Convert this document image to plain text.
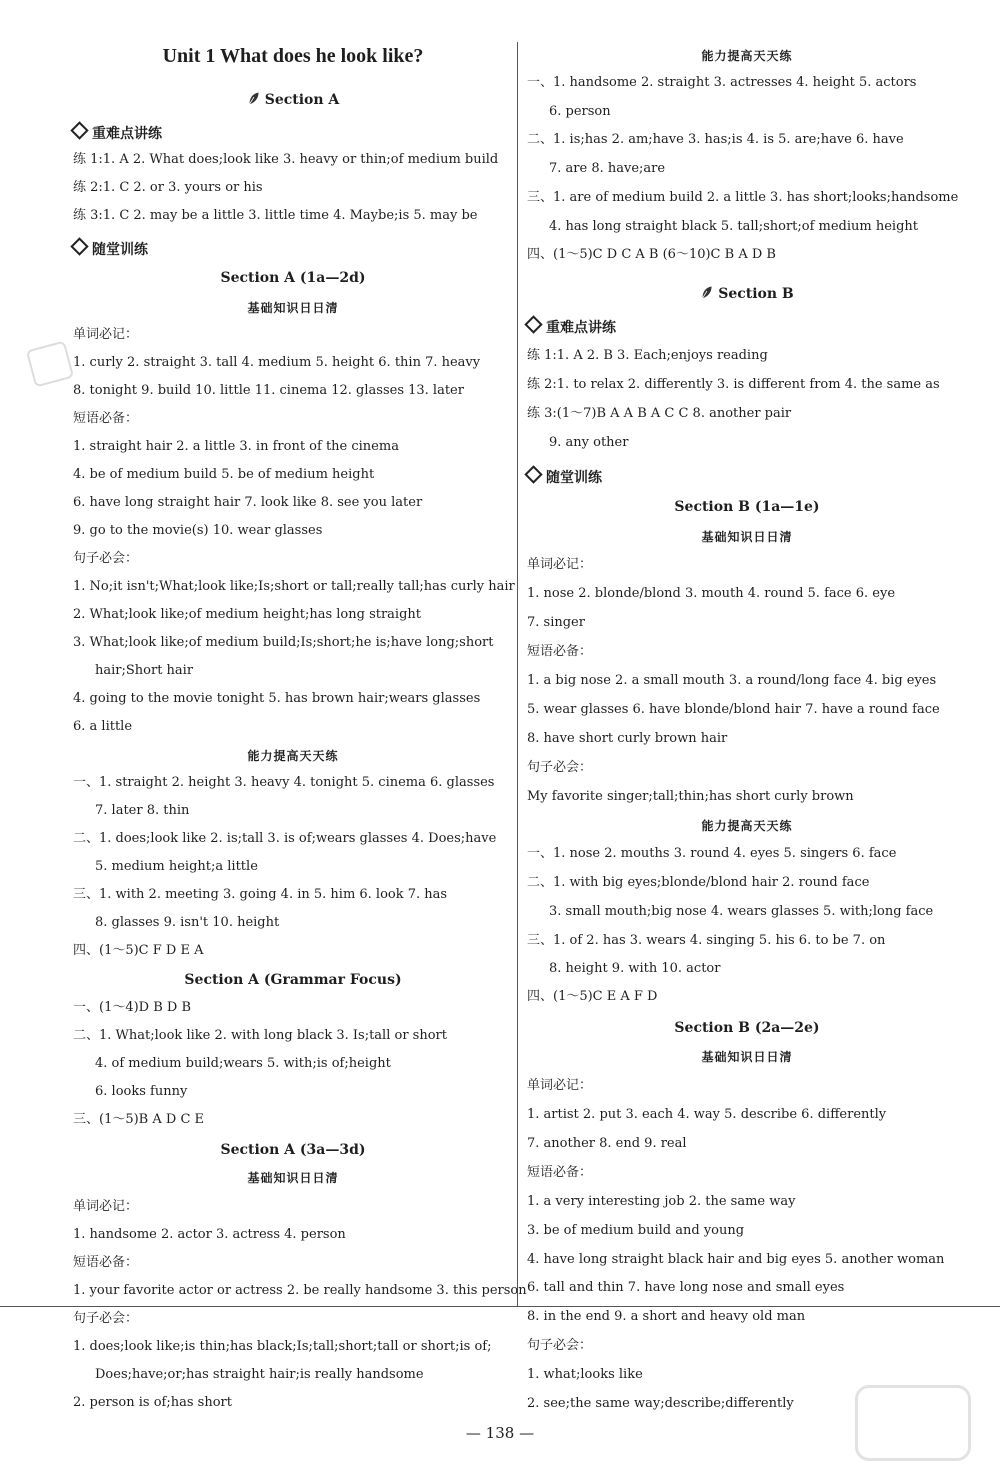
Unit 1 What does he look like?
Section A
重难点讲练
练 1:1. A 2. What does;look like 3. heavy or thin;of medium build
练 2:1. C 2. or 3. yours or his
练 3:1. C 2. may be a little 3. little time 4. Maybe;is 5. may be
随堂训练
Section A (1a—2d)
基础知识日日清
单词必记：
1. curly 2. straight 3. tall 4. medium 5. height 6. thin 7. heavy
8. tonight 9. build 10. little 11. cinema 12. glasses 13. later
短语必备：
1. straight hair 2. a little 3. in front of the cinema
4. be of medium build 5. be of medium height
6. have long straight hair 7. look like 8. see you later
9. go to the movie(s) 10. wear glasses
句子必会：
1. No;it isn't;What;look like;Is;short or tall;really tall;has curly hair
2. What;look like;of medium height;has long straight
3. What;look like;of medium build;Is;short;he is;have long;short
hair;Short hair
4. going to the movie tonight 5. has brown hair;wears glasses
6. a little
能力提高天天练
一、1. straight 2. height 3. heavy 4. tonight 5. cinema 6. glasses
7. later 8. thin
二、1. does;look like 2. is;tall 3. is of;wears glasses 4. Does;have
5. medium height;a little
三、1. with 2. meeting 3. going 4. in 5. him 6. look 7. has
8. glasses 9. isn't 10. height
四、(1～5)C F D E A
Section A (Grammar Focus)
一、(1～4)D B D B
二、1. What;look like 2. with long black 3. Is;tall or short
4. of medium build;wears 5. with;is of;height
6. looks funny
三、(1～5)B A D C E
Section A (3a—3d)
基础知识日日清
单词必记：
1. handsome 2. actor 3. actress 4. person
短语必备：
1. your favorite actor or actress 2. be really handsome 3. this person
句子必会：
1. does;look like;is thin;has black;Is;tall;short;tall or short;is of;
Does;have;or;has straight hair;is really handsome
2. person is of;has short
能力提高天天练
一、1. handsome 2. straight 3. actresses 4. height 5. actors
6. person
二、1. is;has 2. am;have 3. has;is 4. is 5. are;have 6. have
7. are 8. have;are
三、1. are of medium build 2. a little 3. has short;looks;handsome
4. has long straight black 5. tall;short;of medium height
四、(1～5)C D C A B (6～10)C B A D B
Section B
重难点讲练
练 1:1. A 2. B 3. Each;enjoys reading
练 2:1. to relax 2. differently 3. is different from 4. the same as
练 3:(1～7)B A A B A C C 8. another pair
9. any other
随堂训练
Section B (1a—1e)
基础知识日日清
单词必记：
1. nose 2. blonde/blond 3. mouth 4. round 5. face 6. eye
7. singer
短语必备：
1. a big nose 2. a small mouth 3. a round/long face 4. big eyes
5. wear glasses 6. have blonde/blond hair 7. have a round face
8. have short curly brown hair
句子必会：
My favorite singer;tall;thin;has short curly brown
能力提高天天练
一、1. nose 2. mouths 3. round 4. eyes 5. singers 6. face
二、1. with big eyes;blonde/blond hair 2. round face
3. small mouth;big nose 4. wears glasses 5. with;long face
三、1. of 2. has 3. wears 4. singing 5. his 6. to be 7. on
8. height 9. with 10. actor
四、(1～5)C E A F D
Section B (2a—2e)
基础知识日日清
单词必记：
1. artist 2. put 3. each 4. way 5. describe 6. differently
7. another 8. end 9. real
短语必备：
1. a very interesting job 2. the same way
3. be of medium build and young
4. have long straight black hair and big eyes 5. another woman
6. tall and thin 7. have long nose and small eyes
8. in the end 9. a short and heavy old man
句子必会：
1. what;looks like
2. see;the same way;describe;differently
— 138 —
